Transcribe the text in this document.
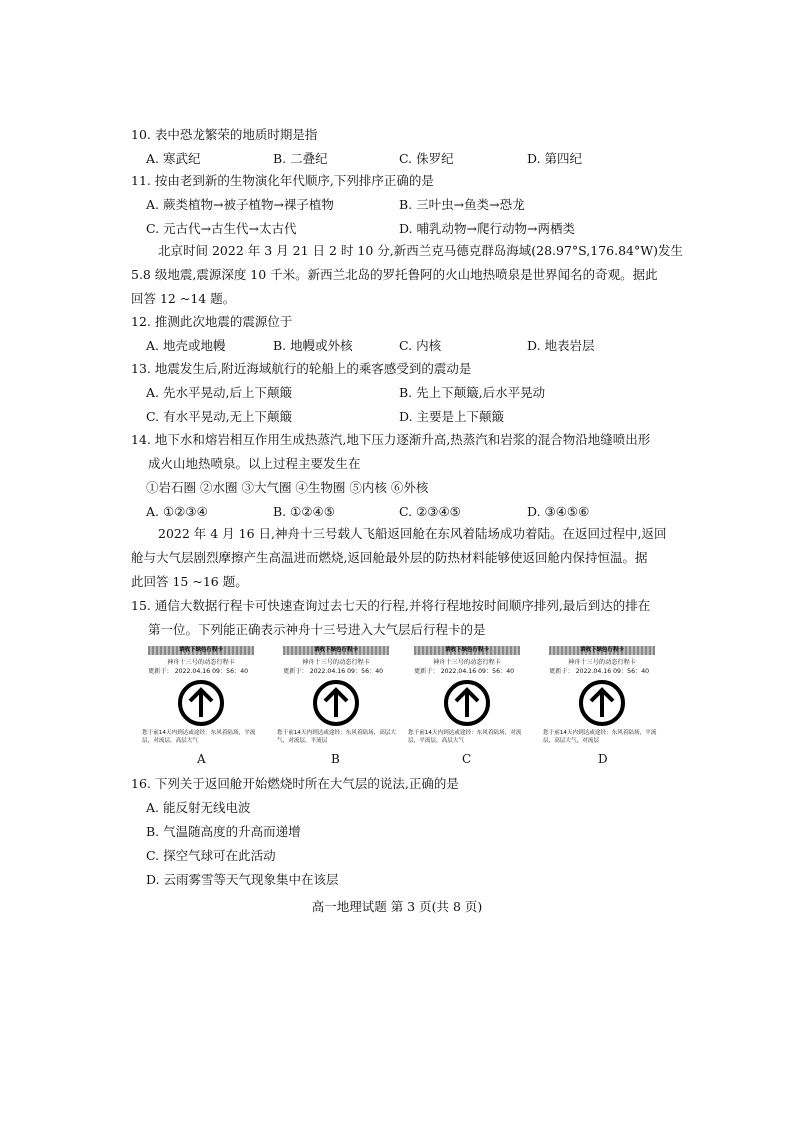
10. 表中恐龙繁荣的地质时期是指
A. 寒武纪	B. 二叠纪	C. 侏罗纪	D. 第四纪
11. 按由老到新的生物演化年代顺序,下列排序正确的是
A. 蕨类植物→被子植物→裸子植物	B. 三叶虫→鱼类→恐龙
C. 元古代→古生代→太古代	D. 哺乳动物→爬行动物→两栖类
北京时间 2022 年 3 月 21 日 2 时 10 分,新西兰克马德克群岛海域(28.97°S,176.84°W)发生
5.8 级地震,震源深度 10 千米。新西兰北岛的罗托鲁阿的火山地热喷泉是世界闻名的奇观。据此
回答 12 ~14 题。
12. 推测此次地震的震源位于
A. 地壳或地幔	B. 地幔或外核	C. 内核	D. 地表岩层
13. 地震发生后,附近海域航行的轮船上的乘客感受到的震动是
A. 先水平晃动,后上下颠簸	B. 先上下颠簸,后水平晃动
C. 有水平晃动,无上下颠簸	D. 主要是上下颠簸
14. 地下水和熔岩相互作用生成热蒸汽,地下压力逐渐升高,热蒸汽和岩浆的混合物沿地缝喷出形
成火山地热喷泉。以上过程主要发生在
①岩石圈 ②水圈 ③大气圈 ④生物圈 ⑤内核 ⑥外核
A. ①②③④	B. ①②④⑤	C. ②③④⑤	D. ③④⑤⑥
2022 年 4 月 16 日,神舟十三号载人飞船返回舱在东风着陆场成功着陆。在返回过程中,返回
舱与大气层剧烈摩擦产生高温进而燃烧,返回舱最外层的防热材料能够使返回舱内保持恒温。据
此回答 15 ~16 题。
15. 通信大数据行程卡可快速查询过去七天的行程,并将行程地按时间顺序排列,最后到达的排在
第一位。下列能正确表示神舟十三号进入大气层后行程卡的是
请收下绿色行程卡
神舟十三号的动态行程卡
更新于： 2022.04.16 09：56：40
您于前14天内到达或途经：东风着陆场，平流层，对流层，高层大气
A
请收下绿色行程卡
神舟十三号的动态行程卡
更新于： 2022.04.16 09：56：40
您于前14天内到达或途经：东风着陆场，高层大气，对流层，平流层
B
请收下绿色行程卡
神舟十三号的动态行程卡
更新于： 2022.04.16 09：56：40
您于前14天内到达或途经：东风着陆场，对流层，平流层，高层大气
C
请收下绿色行程卡
神舟十三号的动态行程卡
更新于： 2022.04.16 09：56：40
您于前14天内到达或途经：东风着陆场，平流层，高层大气，对流层
D
16. 下列关于返回舱开始燃烧时所在大气层的说法,正确的是
A. 能反射无线电波
B. 气温随高度的升高而递增
C. 探空气球可在此活动
D. 云雨雾雪等天气现象集中在该层
高一地理试题 第 3 页(共 8 页)
